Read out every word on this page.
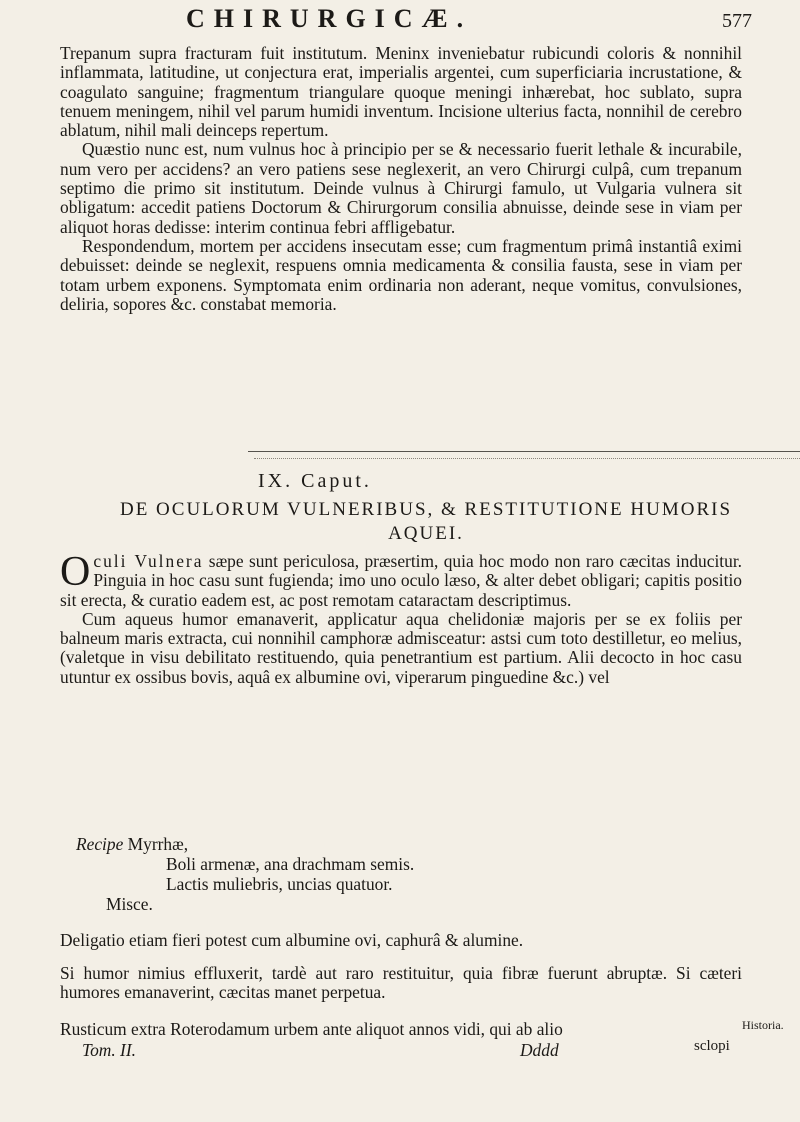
CHIRURGICÆ.	577

Trepanum supra fracturam fuit institutum. Meninx inveniebatur rubicundi coloris & nonnihil inflammata, latitudine, ut conjectura erat, imperialis argentei, cum superficiaria incrustatione, & coagulato sanguine; fragmentum triangulare quoque meningi inhærebat, hoc sublato, supra tenuem meningem, nihil vel parum humidi inventum. Incisione ulterius facta, nonnihil de cerebro ablatum, nihil mali deinceps repertum.

Quæstio nunc est, num vulnus hoc à principio per se & necessario fuerit lethale & incurabile, num vero per accidens? an vero patiens sese neglexerit, an vero Chirurgi culpâ, cum trepanum septimo die primo sit institutum. Deinde vulnus à Chirurgi famulo, ut Vulgaria vulnera sit obligatum: accedit patiens Doctorum & Chirurgorum consilia abnuisse, deinde sese in viam per aliquot horas dedisse: interim continua febri affligebatur.

Respondendum, mortem per accidens insecutam esse; cum fragmentum primâ instantiâ eximi debuisset: deinde se neglexit, respuens omnia medicamenta & consilia fausta, sese in viam per totam urbem exponens. Symptomata enim ordinaria non aderant, neque vomitus, convulsiones, deliria, sopores &c. constabat memoria.

IX. Caput.
DE OCULORUM VULNERIBUS, & RESTITUTIONE HUMORIS AQUEI.

Oculi Vulnera sæpe sunt periculosa, præsertim, quia hoc modo non raro cæcitas inducitur. Pinguia in hoc casu sunt fugienda; imo uno oculo læso, & alter debet obligari; capitis positio sit erecta, & curatio eadem est, ac post remotam cataractam descriptimus.

Cum aqueus humor emanaverit, applicatur aqua chelidoniæ majoris per se ex foliis per balneum maris extracta, cui nonnihil camphoræ admisceatur: astsi cum toto destilletur, eo melius, (valetque in visu debilitato restituendo, quia penetrantium est partium. Alii decocto in hoc casu utuntur ex ossibus bovis, aquâ ex albumine ovi, viperarum pinguedine &c.) vel

Recipe Myrrhæ,
Boli armenæ, ana drachmam semis.
Lactis muliebris, uncias quatuor.
Misce.

Deligatio etiam fieri potest cum albumine ovi, caphurâ & alumine.

Si humor nimius effluxerit, tardè aut raro restituitur, quia fibræ fuerunt abruptæ. Si cæteri humores emanaverint, cæcitas manet perpetua.

Rusticum extra Roterodamum urbem ante aliquot annos vidi, qui ab alio	Historia.
sclopi
Tom. II.	Dddd
